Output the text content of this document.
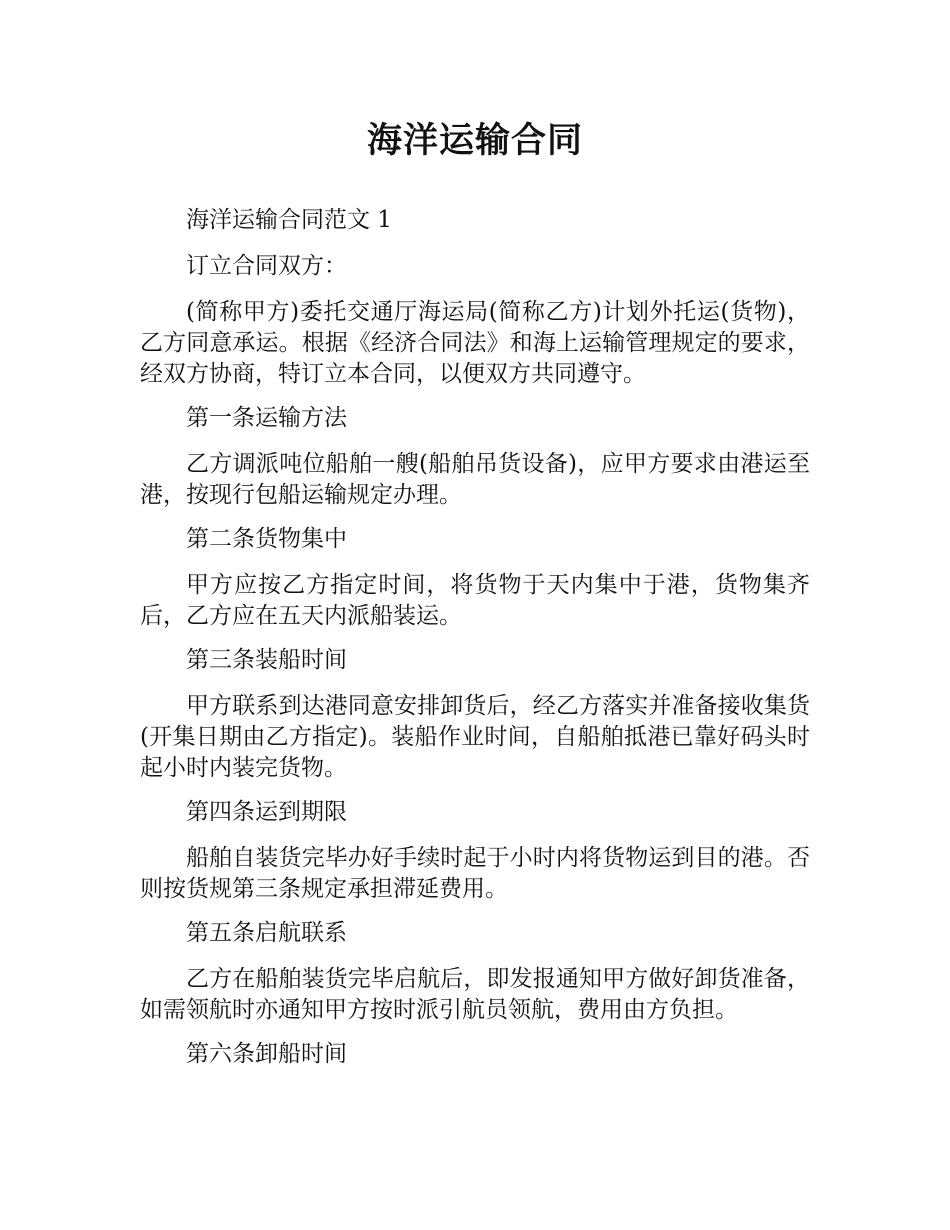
海洋运输合同

海洋运输合同范文 1

订立合同双方：

(简称甲方)委托交通厅海运局(简称乙方)计划外托运(货物)，乙方同意承运。根据《经济合同法》和海上运输管理规定的要求，经双方协商，特订立本合同，以便双方共同遵守。

第一条运输方法

乙方调派吨位船舶一艘(船舶吊货设备)，应甲方要求由港运至港，按现行包船运输规定办理。

第二条货物集中

甲方应按乙方指定时间，将货物于天内集中于港，货物集齐后，乙方应在五天内派船装运。

第三条装船时间

甲方联系到达港同意安排卸货后，经乙方落实并准备接收集货(开集日期由乙方指定)。装船作业时间，自船舶抵港已靠好码头时起小时内装完货物。

第四条运到期限

船舶自装货完毕办好手续时起于小时内将货物运到目的港。否则按货规第三条规定承担滞延费用。

第五条启航联系

乙方在船舶装货完毕启航后，即发报通知甲方做好卸货准备，如需领航时亦通知甲方按时派引航员领航，费用由方负担。

第六条卸船时间
